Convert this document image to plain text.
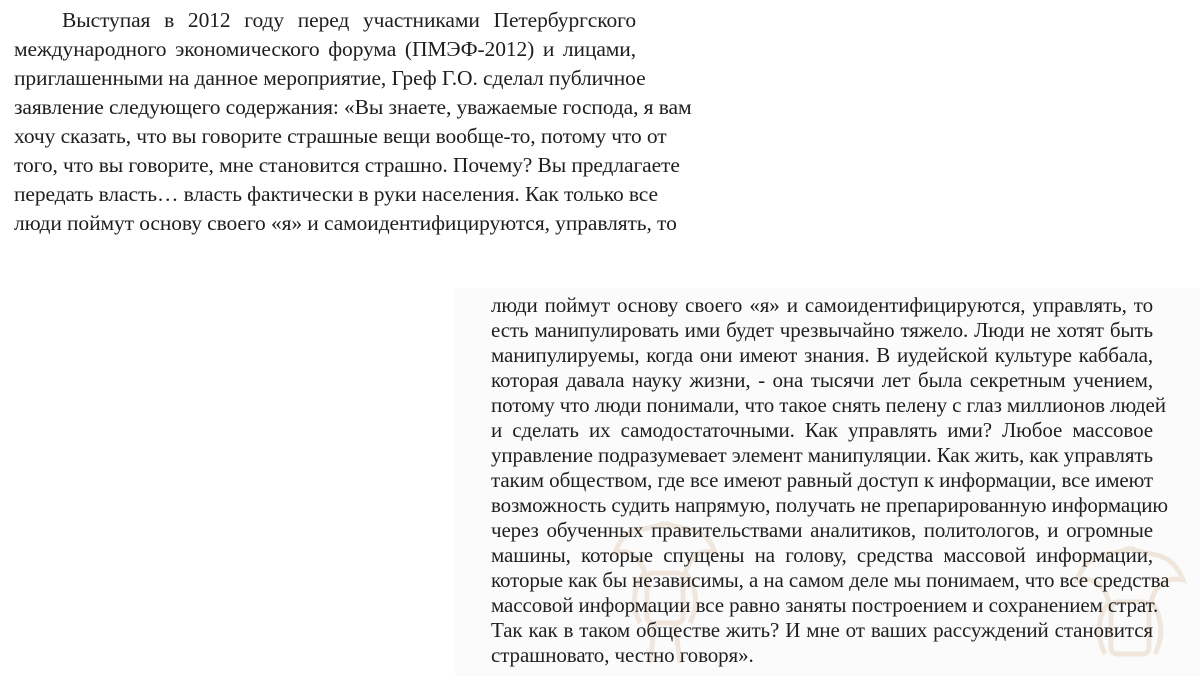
Выступая в 2012 году перед участниками Петербургского
международного экономического форума (ПМЭФ-2012) и лицами,
приглашенными на данное мероприятие, Греф Г.О. сделал публичное
заявление следующего содержания: «Вы знаете, уважаемые господа, я вам
хочу сказать, что вы говорите страшные вещи вообще-то, потому что от
того, что вы говорите, мне становится страшно. Почему? Вы предлагаете
передать власть… власть фактически в руки населения. Как только все
люди поймут основу своего «я» и самоидентифицируются, управлять, то
люди поймут основу своего «я» и самоидентифицируются, управлять, то
есть манипулировать ими будет чрезвычайно тяжело. Люди не хотят быть
манипулируемы, когда они имеют знания. В иудейской культуре каббала,
которая давала науку жизни, - она тысячи лет была секретным учением,
потому что люди понимали, что такое снять пелену с глаз миллионов людей
и сделать их самодостаточными. Как управлять ими? Любое массовое
управление подразумевает элемент манипуляции. Как жить, как управлять
таким обществом, где все имеют равный доступ к информации, все имеют
возможность судить напрямую, получать не препарированную информацию
через обученных правительствами аналитиков, политологов, и огромные
машины, которые спущены на голову, средства массовой информации,
которые как бы независимы, а на самом деле мы понимаем, что все средства
массовой информации все равно заняты построением и сохранением страт.
Так как в таком обществе жить? И мне от ваших рассуждений становится
страшновато, честно говоря».
